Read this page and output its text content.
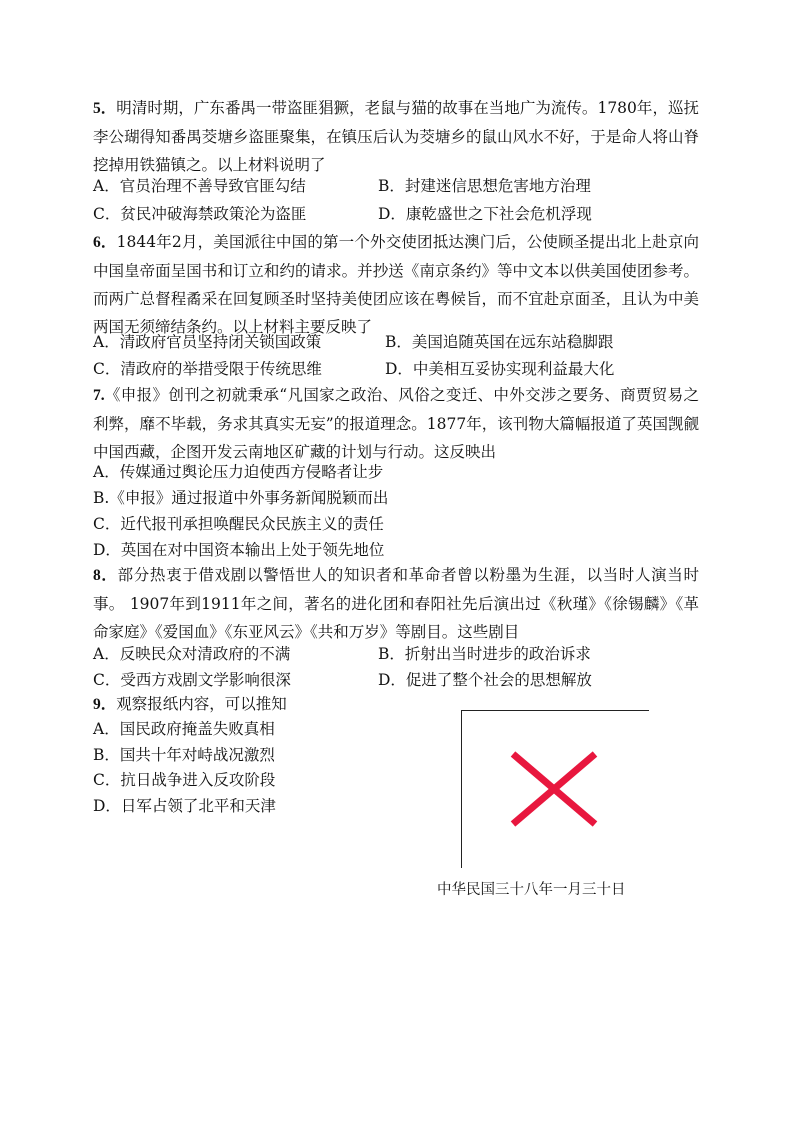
5．明清时期，广东番禺一带盗匪猖獗，老鼠与猫的故事在当地广为流传。1780年，巡抚李公瑚得知番禺茭塘乡盗匪聚集，在镇压后认为茭塘乡的鼠山风水不好，于是命人将山脊挖掉用铁猫镇之。以上材料说明了

A．官员治理不善导致官匪勾结	B．封建迷信思想危害地方治理
C．贫民冲破海禁政策沦为盗匪	D．康乾盛世之下社会危机浮现

6．1844年2月，美国派往中国的第一个外交使团抵达澳门后，公使顾圣提出北上赴京向中国皇帝面呈国书和订立和约的请求。并抄送《南京条约》等中文本以供美国使团参考。而两广总督程矞采在回复顾圣时坚持美使团应该在粤候旨，而不宜赴京面圣，且认为中美两国无须缔结条约。以上材料主要反映了

A．清政府官员坚持闭关锁国政策	B．美国追随英国在远东站稳脚跟
C．清政府的举措受限于传统思维	D．中美相互妥协实现利益最大化

7.《申报》创刊之初就秉承“凡国家之政治、风俗之变迁、中外交涉之要务、商贾贸易之利弊，靡不毕载，务求其真实无妄”的报道理念。1877年，该刊物大篇幅报道了英国觊觎中国西藏，企图开发云南地区矿藏的计划与行动。这反映出

A．传媒通过舆论压力迫使西方侵略者让步
B.《申报》通过报道中外事务新闻脱颖而出
C．近代报刊承担唤醒民众民族主义的责任
D．英国在对中国资本输出上处于领先地位

8．部分热衷于借戏剧以警悟世人的知识者和革命者曾以粉墨为生涯，以当时人演当时事。 1907年到1911年之间，著名的进化团和春阳社先后演出过《秋瑾》《徐锡麟》《革命家庭》《爱国血》《东亚风云》《共和万岁》等剧目。这些剧目

A．反映民众对清政府的不满	B．折射出当时进步的政治诉求
C．受西方戏剧文学影响很深	D．促进了整个社会的思想解放
9．观察报纸内容，可以推知
A．国民政府掩盖失败真相
B．国共十年对峙战况激烈
C．抗日战争进入反攻阶段
D．日军占领了北平和天津
中华民国三十八年一月三十日
